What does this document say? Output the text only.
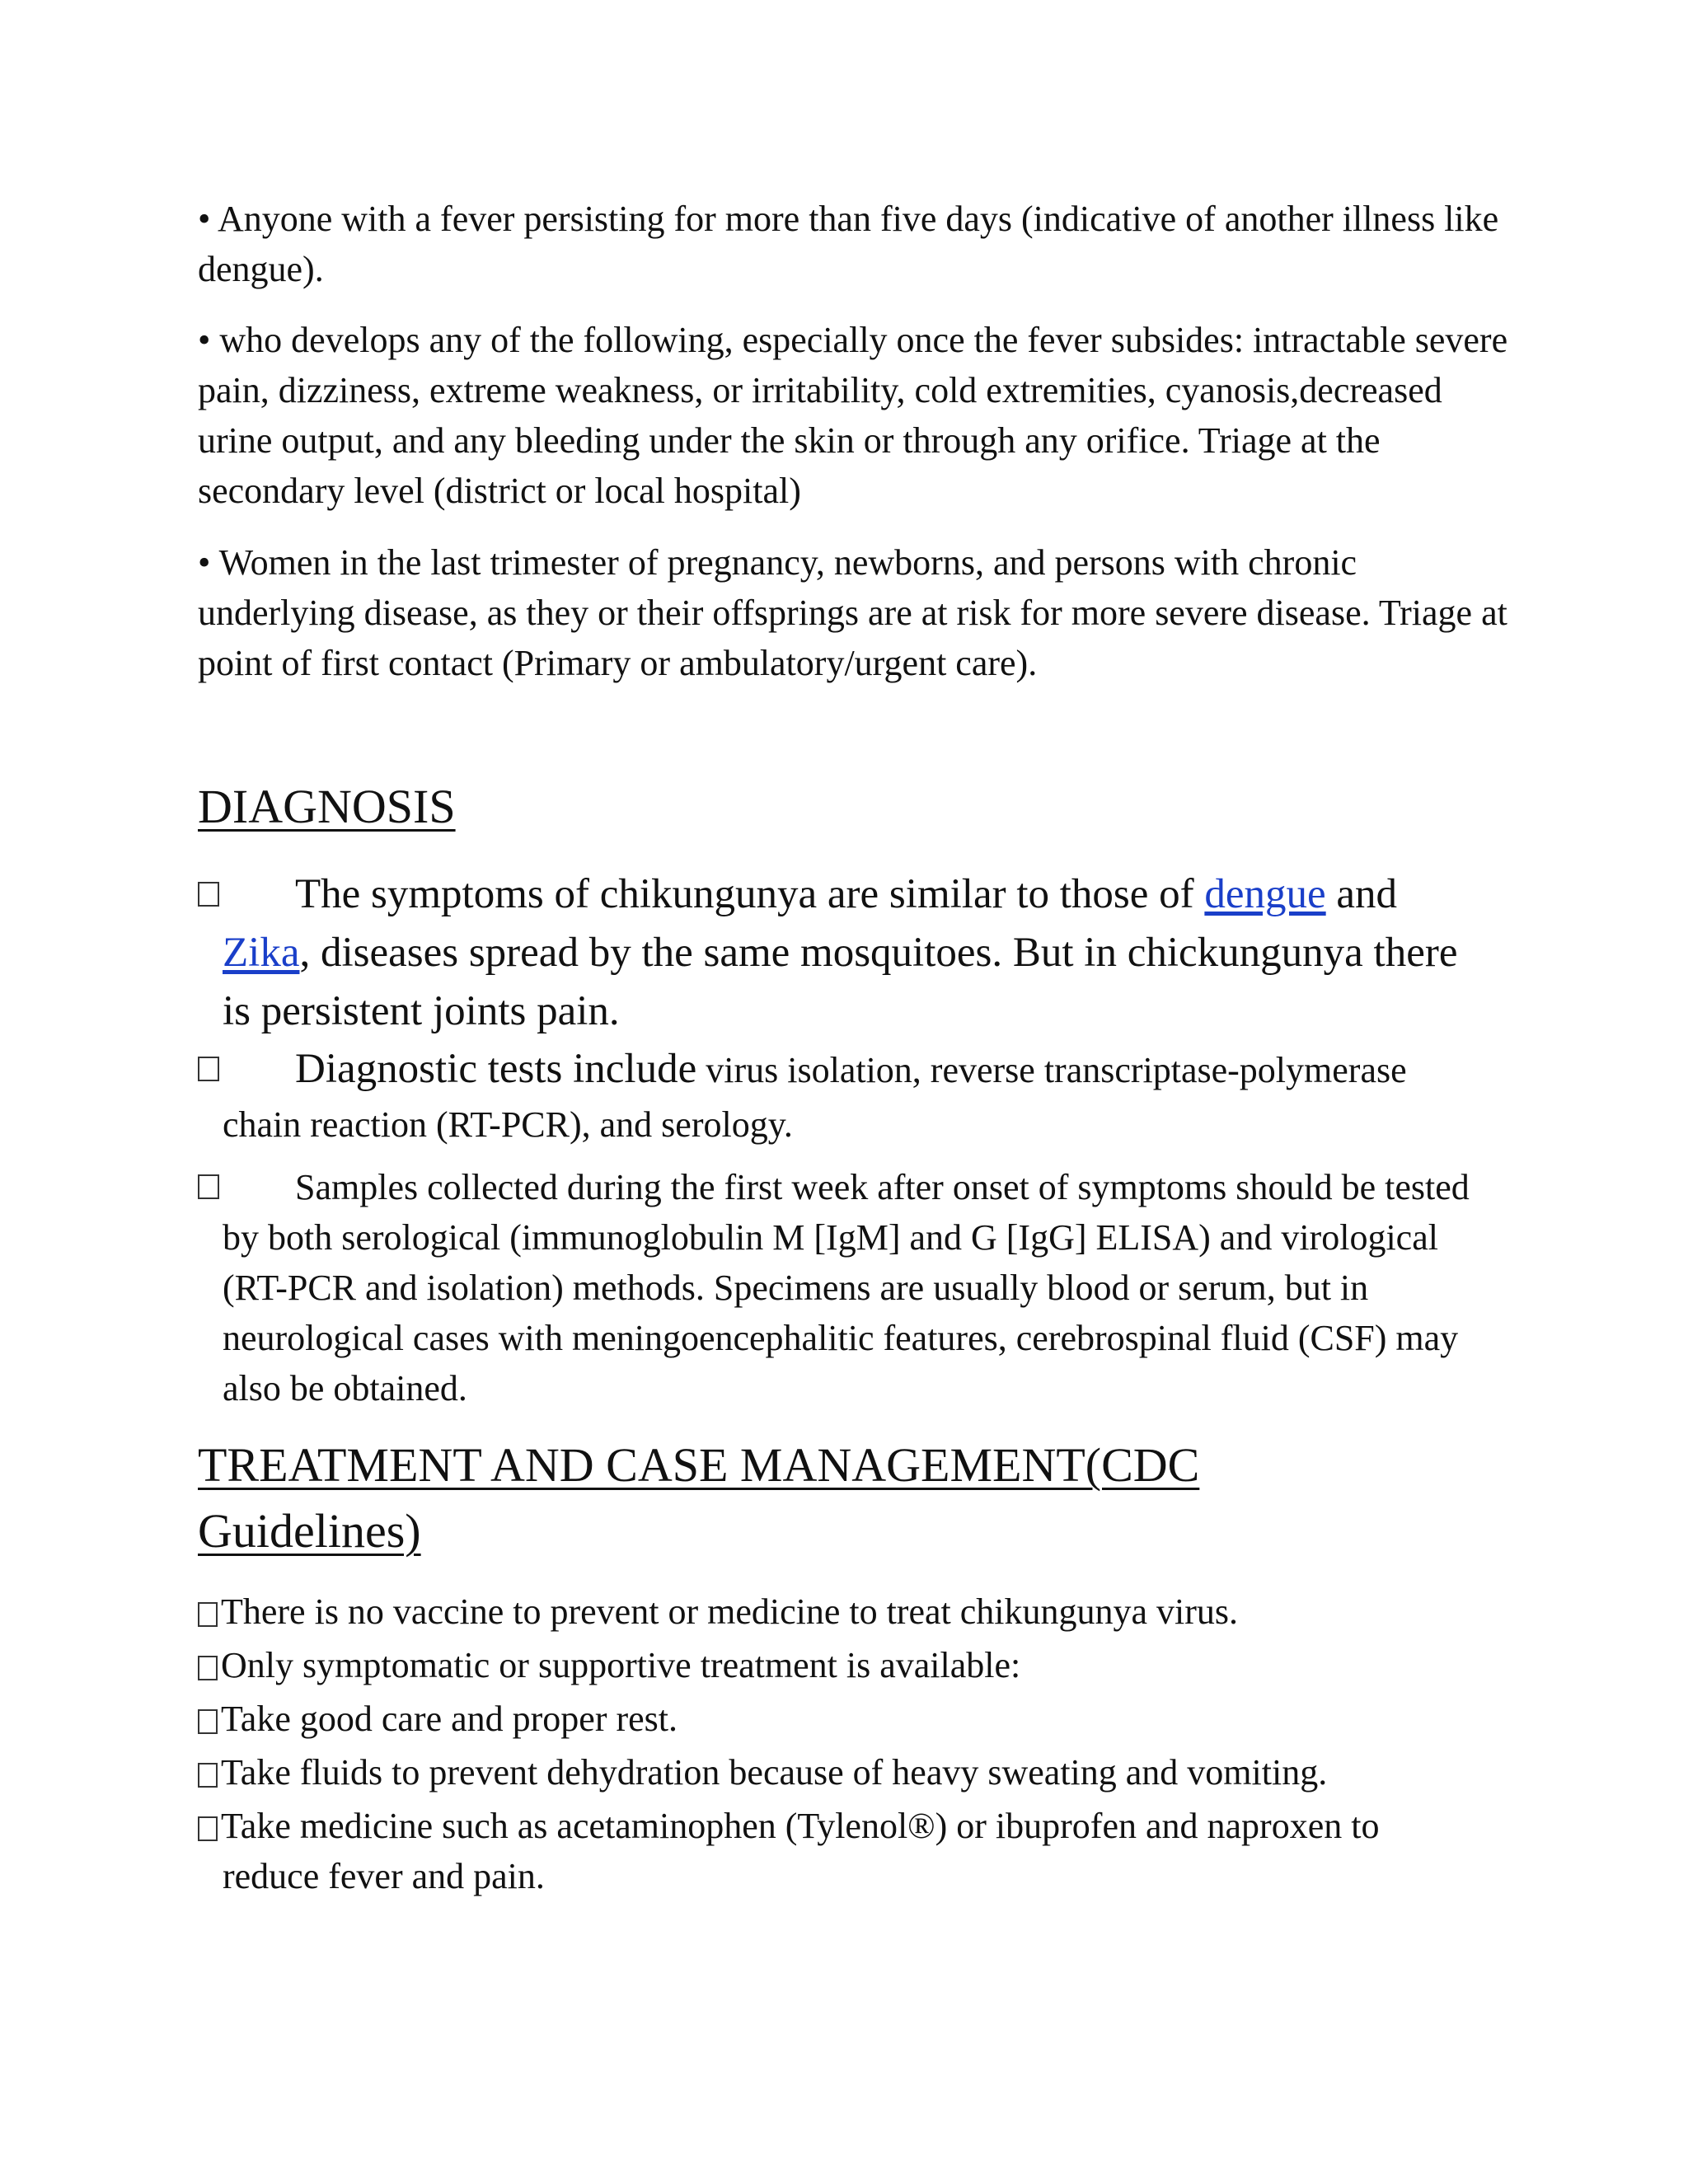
• Anyone with a fever persisting for more than five days (indicative of another illness like dengue).

• who develops any of the following, especially once the fever subsides: intractable severe pain, dizziness, extreme weakness, or irritability, cold extremities, cyanosis,decreased urine output, and any bleeding under the skin or through any orifice. Triage at the secondary level (district or local hospital)

• Women in the last trimester of pregnancy, newborns, and persons with chronic underlying disease, as they or their offsprings are at risk for more severe disease. Triage at point of first contact (Primary or ambulatory/urgent care).

DIAGNOSIS
The symptoms of chikungunya are similar to those of dengue and Zika, diseases spread by the same mosquitoes. But in chickungunya there is persistent joints pain.
Diagnostic tests include virus isolation, reverse transcriptase-polymerase chain reaction (RT-PCR), and serology.
Samples collected during the first week after onset of symptoms should be tested by both serological (immunoglobulin M [IgM] and G [IgG] ELISA) and virological (RT-PCR and isolation) methods. Specimens are usually blood or serum, but in neurological cases with meningoencephalitic features, cerebrospinal fluid (CSF) may also be obtained.
TREATMENT AND CASE MANAGEMENT(CDC
Guidelines)

There is no vaccine to prevent or medicine to treat chikungunya virus.

Only symptomatic or supportive treatment is available:

Take good care and proper rest.

Take fluids to prevent dehydration because of heavy sweating and vomiting.

Take medicine such as acetaminophen (Tylenol®) or ibuprofen and naproxen to
reduce fever and pain.
